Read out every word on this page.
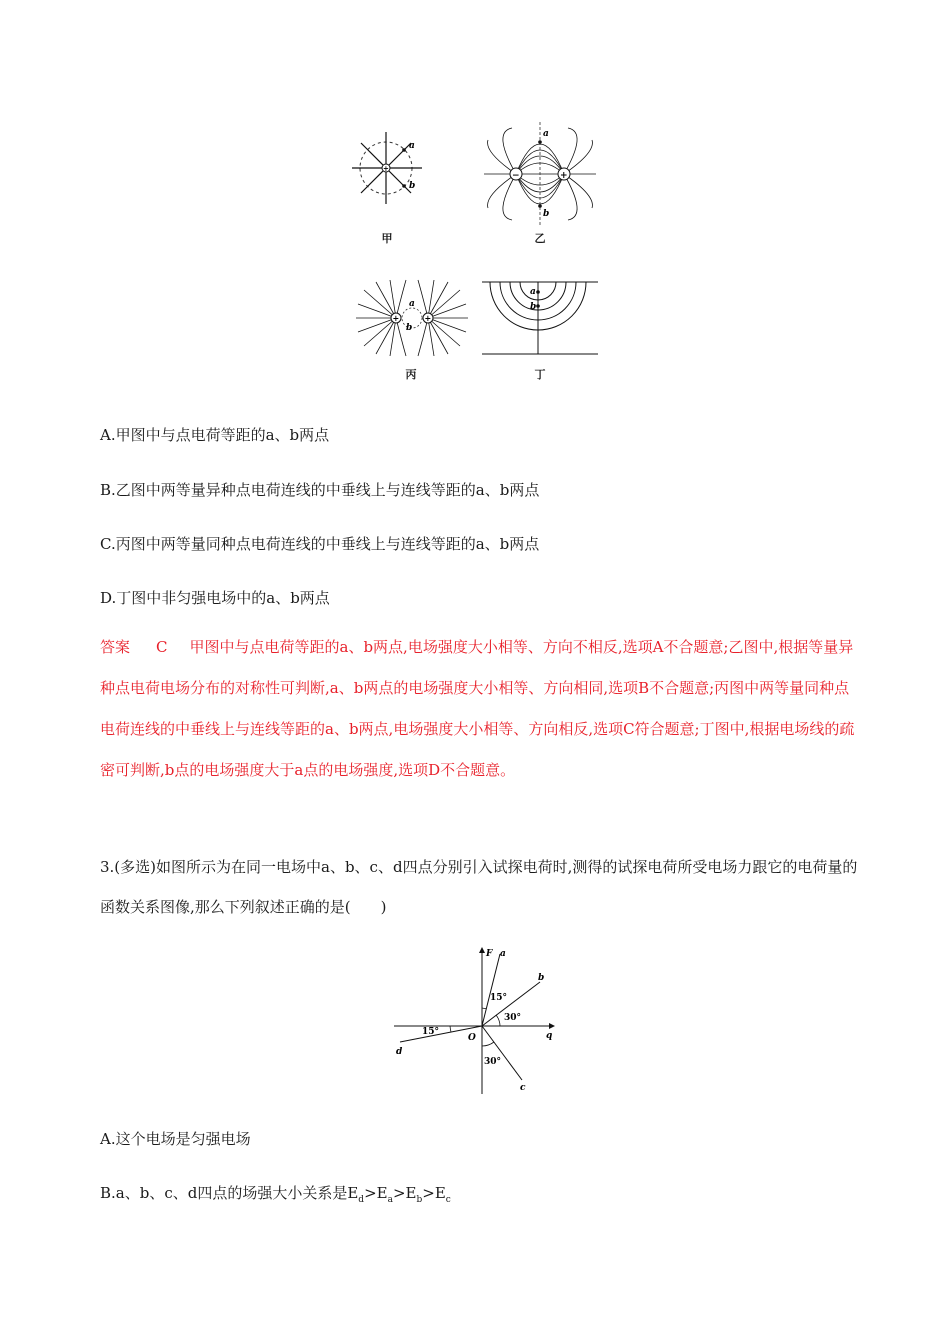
+
a
b
甲
−	+
a
b
乙
+	+
a
b
丙
a
b
丁
A.甲图中与点电荷等距的a、b两点
B.乙图中两等量异种点电荷连线的中垂线上与连线等距的a、b两点
C.丙图中两等量同种点电荷连线的中垂线上与连线等距的a、b两点
D.丁图中非匀强电场中的a、b两点
答案 C 甲图中与点电荷等距的a、b两点,电场强度大小相等、方向不相反,选项A不合题意;乙图中,根据等量异种点电荷电场分布的对称性可判断,a、b两点的电场强度大小相等、方向相同,选项B不合题意;丙图中两等量同种点电荷连线的中垂线上与连线等距的a、b两点,电场强度大小相等、方向相反,选项C符合题意;丁图中,根据电场线的疏密可判断,b点的电场强度大于a点的电场强度,选项D不合题意。
3.(多选)如图所示为在同一电场中a、b、c、d四点分别引入试探电荷时,测得的试探电荷所受电场力跟它的电荷量的函数关系图像,那么下列叙述正确的是(　　)
F
q
O
a
b
c
d
15°
30°
30°
15°
A.这个电场是匀强电场
B.a、b、c、d四点的场强大小关系是$E_d>E_a>E_b>E_c$
